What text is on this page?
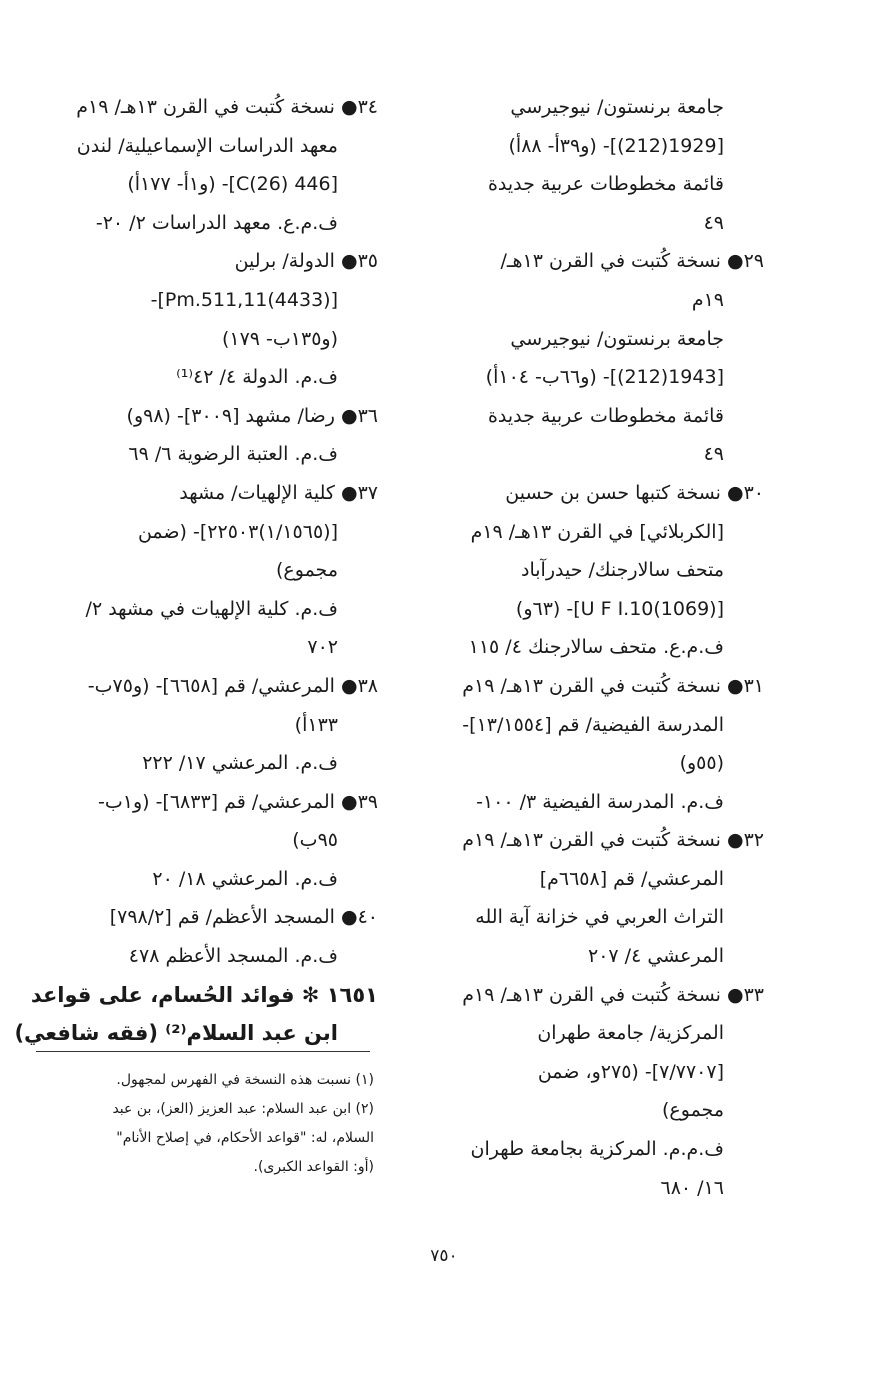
جامعة برنستون/ نيوجيرسي
[1929(212)]- (و٣٩أ- ٨٨أ)
قائمة مخطوطات عربية جديدة
٤٩
٢٩● نسخة كُتبت في القرن ١٣هـ/
١٩م
جامعة برنستون/ نيوجيرسي
[1943(212)]- (و٦٦ب- ١٠٤أ)
قائمة مخطوطات عربية جديدة
٤٩
٣٠● نسخة كتبها حسن بن حسين
[الكربلائي] في القرن ١٣هـ/ ١٩م
متحف سالارجنك/ حيدرآباد
[U F I.10(1069)]- (٦٣و)
ف.م.ع. متحف سالارجنك ٤/ ١١٥
٣١● نسخة كُتبت في القرن ١٣هـ/ ١٩م
المدرسة الفيضية/ قم [١٣/١٥٥٤]-
(٥٥و)
ف.م. المدرسة الفيضية ٣/ ١٠٠-
٣٢● نسخة كُتبت في القرن ١٣هـ/ ١٩م
المرعشي/ قم [٦٦٥٨م]
التراث العربي في خزانة آية الله
المرعشي ٤/ ٢٠٧
٣٣● نسخة كُتبت في القرن ١٣هـ/ ١٩م
المركزية/ جامعة طهران
[٧/٧٧٠٧]- (٢٧٥و، ضمن
مجموع)
ف.م.م. المركزية بجامعة طهران
١٦/ ٦٨٠
٣٤● نسخة كُتبت في القرن ١٣هـ/ ١٩م
معهد الدراسات الإسماعيلية/ لندن
[446 C(26)]- (و١أ- ١٧٧أ)
ف.م.ع. معهد الدراسات ٢/ ٢٠-
٣٥● الدولة/ برلين
[Pm.511,11(4433)]-
(و١٣٥ب- ١٧٩)
ف.م. الدولة ٤/ ٤٢⁽¹⁾
٣٦● رضا/ مشهد [٣٠٠٩]- (٩٨و)
ف.م. العتبة الرضوية ٦/ ٦٩
٣٧● كلية الإلهيات/ مشهد
[(١/١٥٦٥)٢٢٥٠٣]- (ضمن
مجموع)
ف.م. كلية الإلهيات في مشهد ٢/
٧٠٢
٣٨● المرعشي/ قم [٦٦٥٨]- (و٧٥ب-
١٣٣أ)
ف.م. المرعشي ١٧/ ٢٢٢
٣٩● المرعشي/ قم [٦٨٣٣]- (و١ب-
٩٥ب)
ف.م. المرعشي ١٨/ ٢٠
٤٠● المسجد الأعظم/ قم [٧٩٨/٢]
ف.م. المسجد الأعظم ٤٧٨
١٦٥١ ✻ فوائد الحُسام، على قواعد
ابن عبد السلام⁽²⁾ (فقه شافعي)
(١) نسبت هذه النسخة في الفهرس لمجهول.
(٢) ابن عبد السلام: عبد العزيز (العز)، بن عبد
السلام، له: "قواعد الأحكام، في إصلاح الأنام"
(أو: القواعد الكبرى).
٧٥٠
